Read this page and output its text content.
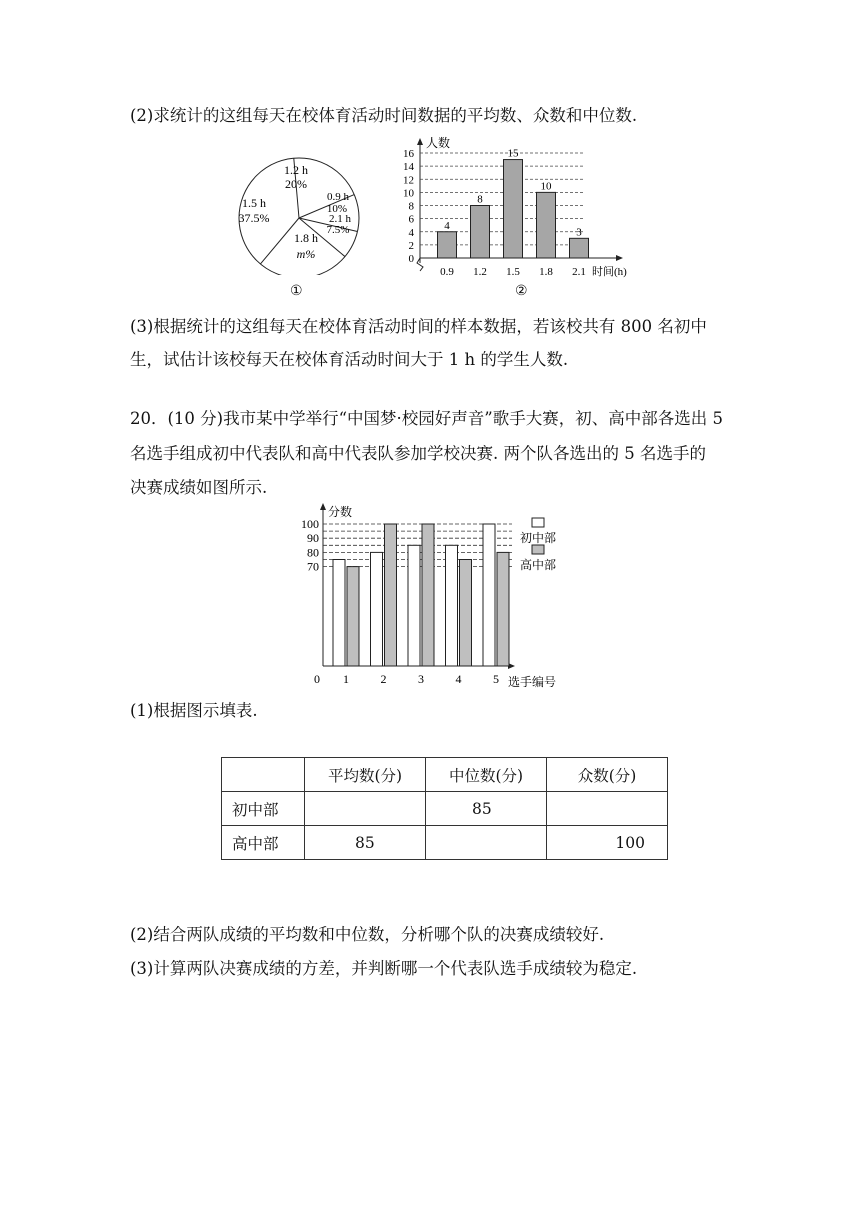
(2)求统计的这组每天在校体育活动时间数据的平均数、众数和中位数.
1.2 h
20%
0.9 h
10%
2.1 h
7.5%
1.8 h
m%
1.5 h
37.5%
人数
时间(h)
0
2
4
6
8
10
12
14
16
4
0.9
8
1.2
15
1.5
10
1.8
3
2.1
①	②
(3)根据统计的这组每天在校体育活动时间的样本数据，若该校共有 800 名初中
生，试估计该校每天在校体育活动时间大于 1 h 的学生人数.
20．(10 分)我市某中学举行“中国梦·校园好声音”歌手大赛，初、高中部各选出 5
名选手组成初中代表队和高中代表队参加学校决赛. 两个队各选出的 5 名选手的
决赛成绩如图所示.
分数
选手编号
0
70
80
90
100
1	2	3	4	5
初中部
高中部
(1)根据图示填表.
	平均数(分)	中位数(分)	众数(分)
初中部		85	
高中部	85		100
(2)结合两队成绩的平均数和中位数，分析哪个队的决赛成绩较好.
(3)计算两队决赛成绩的方差，并判断哪一个代表队选手成绩较为稳定.
